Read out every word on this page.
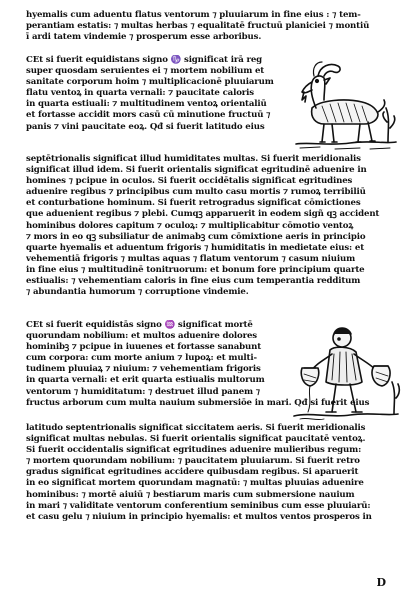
hyemalis cum aduentu flatus ventorum ⁊ pluuiarum in fine eius : ⁊ tem-
perantiam estatis: ⁊ multas herbas ⁊ equalitatē fructuū planiciei ⁊ montiū
ī ardi tatem vindemie ⁊ prosperum esse arboribus.
CEt si fuerit equidistans signo ♑ significat irā reg
super quosdam seruientes ei ⁊ mortem nobilium et
sanitate corporum hoim ⁊ multiplicacionē pluuiarum
flatu ventoꝝ in quarta vernali: ⁊ paucitate caloris
in quarta estiuali: ⁊ multitudinem ventoꝝ orientaliū
et fortasse accidit mors casū cū minutione fructuū ⁊
panis ⁊ vini paucitate eoꝝ. Qđ si fuerit latitudo eius
septētrionalis significat illud humiditates multas. Si fuerit meridionalis
significat illud idem. Si fuerit orientalis significat egritudinē aduenire in
homines ⁊ pcipue in oculos. Si fuerit occidētalis significat egritudines
aduenire regibus ⁊ principibus cum multo casu mortis ⁊ rumoꝝ terribiliū
et conturbatione hominum. Si fuerit retrogradus significat cōmictiones
que aduenient regibus ⁊ plebi. Cumqꝫ apparuerit in eodem sigñ qꝫ accident
hominibus dolores capitum ⁊ oculoꝝ: ⁊ multiplicabitur cōmotio ventoꝝ
⁊ mors in eo qꝫ subsiliatur de animabꝫ cum cōmixtione aeris in principio
quarte hyemalis et aduentum frigoris ⁊ humiditatis in medietate eius: et
vehementiā frigoris ⁊ multas aquas ⁊ flatum ventorum ⁊ casum niuium
in fine eius ⁊ multitudinē tonitruorum: et bonum fore principium quarte
estiualis: ⁊ vehementiam caloris in fine eius cum temperantia redditum
⁊ abundantia humorum ⁊ corruptione vindemie.
CEt si fuerit equidistās signo ♒ significat mortē
quorundam nobilium: et multos aduenire dolores
hominibꝫ ⁊ pcipue in iuuenes et fortasse sanabunt
cum corpora: cum morte anium ⁊ lupoꝝ: et multi-
tudinem pluuiaꝝ ⁊ niuium: ⁊ vehementiam frigoris
in quarta vernali: et erit quarta estiualis multorum
ventorum ⁊ humiditatum: ⁊ destruet illud panem ⁊
fructus arborum cum multa nauium submersiōe in mari. Qđ si fuerit eius
latitudo septentrionalis significat siccitatem aeris. Si fuerit meridionalis
significat multas nebulas. Si fuerit orientalis significat paucitatē ventoꝝ.
Si fuerit occidentalis significat egritudines aduenire mulieribus regum:
⁊ mortem quorundam nobilium: ⁊ paucitatem pluuiarum. Si fuerit retro
gradus significat egritudines accidere quibusdam regibus. Si aparuerit
in eo significat mortem quorundam magnatū: ⁊ multas pluuias aduenire
hominibus: ⁊ mortē aiuiū ⁊ bestiarum maris cum submersione nauium
in mari ⁊ validitate ventorum conferentium seminibus cum esse pluuiarū:
et casu gelu ⁊ niuium in principio hyemalis: et multos ventos prosperos in
D
